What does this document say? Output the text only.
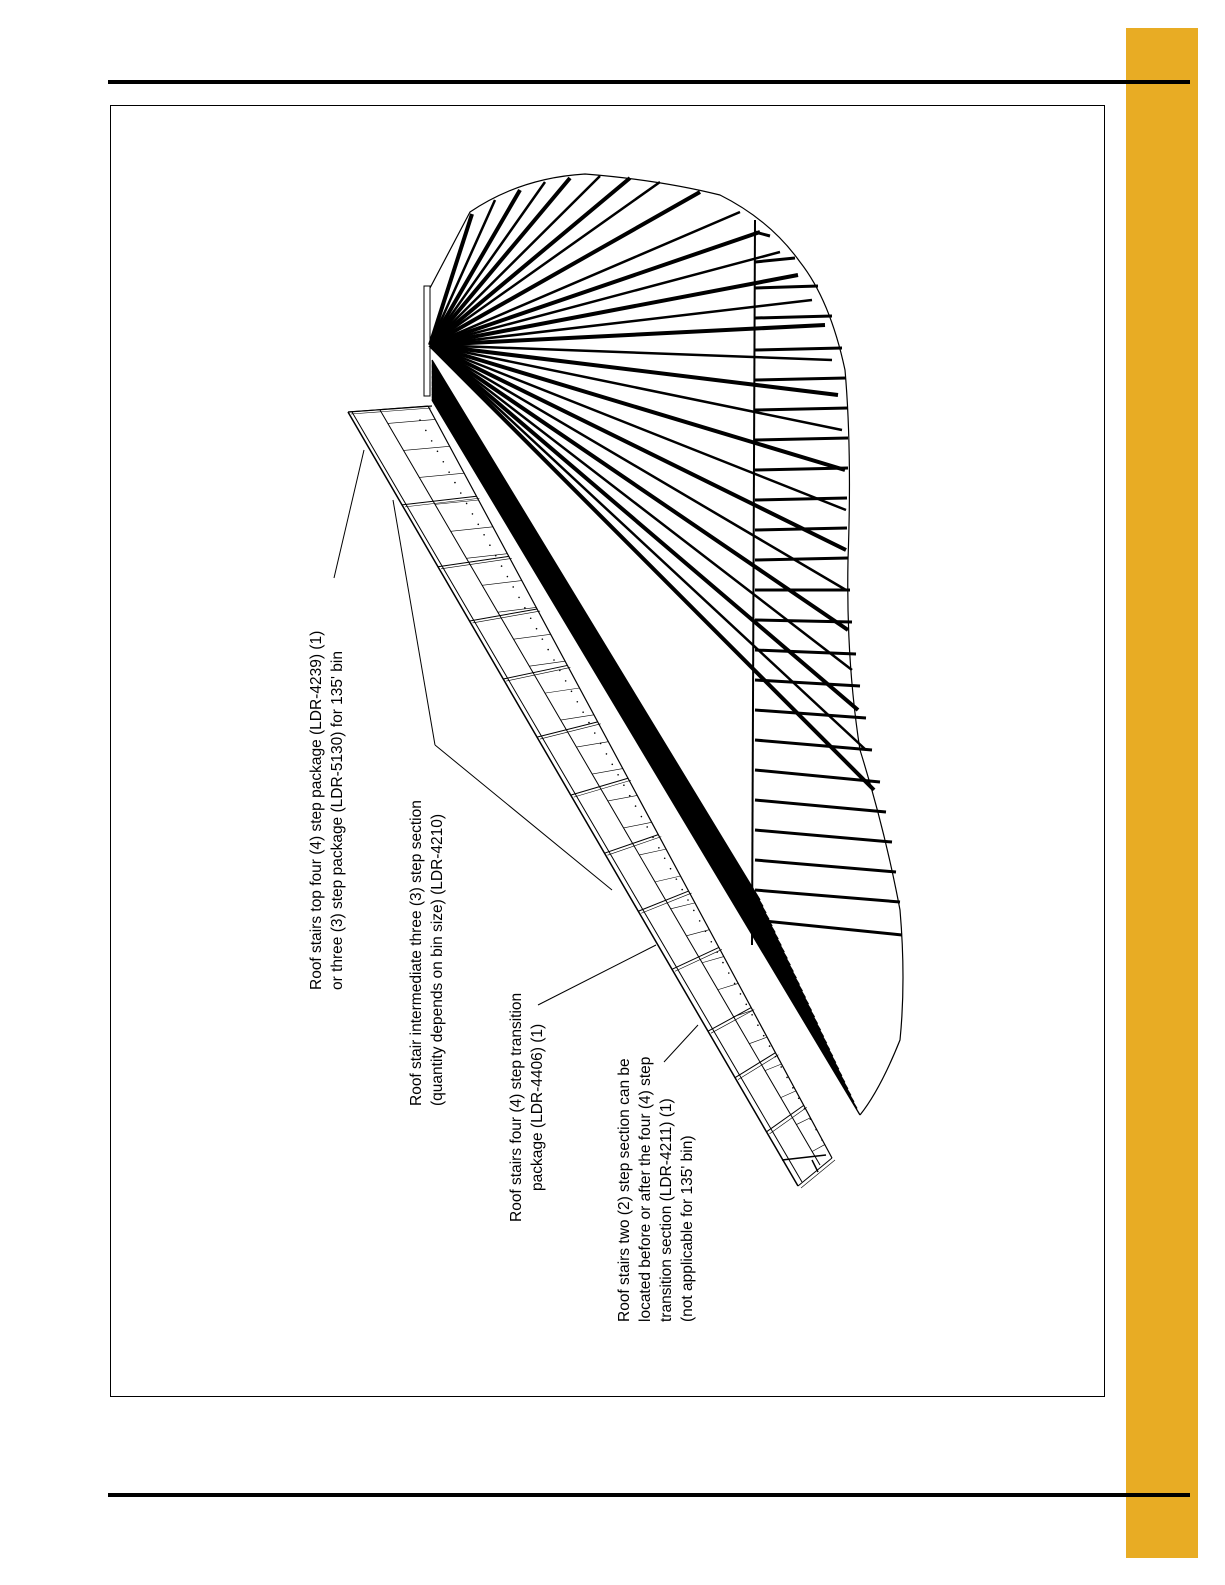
Roof stairs top four (4) step package (LDR-4239) (1) or three (3) step package (LDR-5130) for 135' bin	Roof stair intermediate three (3) step section (quantity depends on bin size) (LDR-4210)
Roof stairs four (4) step transition package (LDR-4406) (1)	Roof stairs two (2) step section can be located before or after the four (4) step transition section (LDR-4211) (1) (not applicable for 135' bin)
